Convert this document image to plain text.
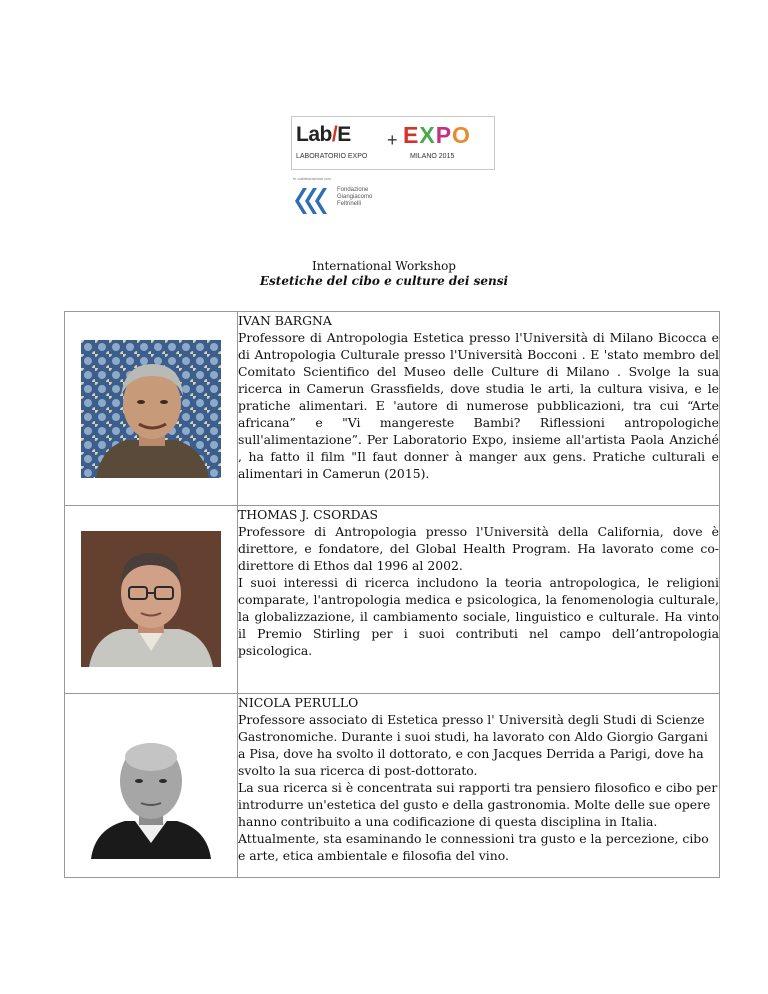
Lab/E + EXPO
LABORATORIO EXPO	MILANO 2015
In collaborazione con
Fondazione
Giangiacomo
Feltrinelli
International Workshop
Estetiche del cibo e culture dei sensi

IVAN BARGNA

Professore di Antropologia Estetica presso l'Università di Milano Bicocca e di Antropologia Culturale presso l'Università Bocconi . E 'stato membro del Comitato Scientifico del Museo delle Culture di Milano . Svolge la sua ricerca in Camerun Grassfields, dove studia le arti, la cultura visiva, e le pratiche alimentari. E 'autore di numerose pubblicazioni, tra cui “Arte africana” e "Vi mangereste Bambi? Riflessioni antropologiche sull'alimentazione”. Per Laboratorio Expo, insieme all'artista Paola Anziché , ha fatto il film "Il faut donner à manger aux gens. Pratiche culturali e alimentari in Camerun (2015).

THOMAS J. CSORDAS

Professore di Antropologia presso l'Università della California, dove è direttore, e fondatore, del Global Health Program. Ha lavorato come co-direttore di Ethos dal 1996 al 2002.

I suoi interessi di ricerca includono la teoria antropologica, le religioni comparate, l'antropologia medica e psicologica, la fenomenologia culturale, la globalizzazione, il cambiamento sociale, linguistico e culturale. Ha vinto il Premio Stirling per i suoi contributi nel campo dell’antropologia psicologica.

NICOLA PERULLO

Professore associato di Estetica presso l' Università degli Studi di Scienze Gastronomiche. Durante i suoi studi, ha lavorato con Aldo Giorgio Gargani a Pisa, dove ha svolto il dottorato, e con Jacques Derrida a Parigi, dove ha svolto la sua ricerca di post-dottorato.

La sua ricerca si è concentrata sui rapporti tra pensiero filosofico e cibo per introdurre un'estetica del gusto e della gastronomia. Molte delle sue opere hanno contribuito a una codificazione di questa disciplina in Italia. Attualmente, sta esaminando le connessioni tra gusto e la percezione, cibo e arte, etica ambientale e filosofia del vino.
